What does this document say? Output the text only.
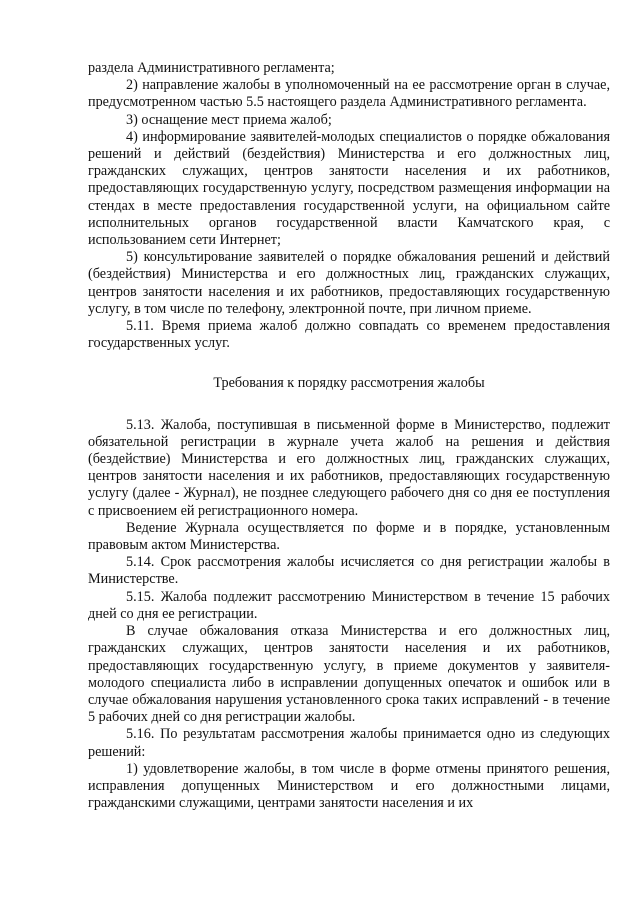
раздела Административного регламента;

2) направление жалобы в уполномоченный на ее рассмотрение орган в случае, предусмотренном частью 5.5 настоящего раздела Административного регламента.

3) оснащение мест приема жалоб;

4) информирование заявителей-молодых специалистов о порядке обжалования решений и действий (бездействия) Министерства и его должностных лиц, гражданских служащих, центров занятости населения и их работников, предоставляющих государственную услугу, посредством размещения информации на стендах в месте предоставления государственной услуги, на официальном сайте исполнительных органов государственной власти Камчатского края, с использованием сети Интернет;

5) консультирование заявителей о порядке обжалования решений и действий (бездействия) Министерства и его должностных лиц, гражданских служащих, центров занятости населения и их работников, предоставляющих государственную услугу, в том числе по телефону, электронной почте, при личном приеме.

5.11. Время приема жалоб должно совпадать со временем предоставления государственных услуг.

Требования к порядку рассмотрения жалобы

5.13. Жалоба, поступившая в письменной форме в Министерство, подлежит обязательной регистрации в журнале учета жалоб на решения и действия (бездействие) Министерства и его должностных лиц, гражданских служащих, центров занятости населения и их работников, предоставляющих государственную услугу (далее - Журнал), не позднее следующего рабочего дня со дня ее поступления с присвоением ей регистрационного номера.

Ведение Журнала осуществляется по форме и в порядке, установленным правовым актом Министерства.

5.14. Срок рассмотрения жалобы исчисляется со дня регистрации жалобы в Министерстве.

5.15. Жалоба подлежит рассмотрению Министерством в течение 15 рабочих дней со дня ее регистрации.

В случае обжалования отказа Министерства и его должностных лиц, гражданских служащих, центров занятости населения и их работников, предоставляющих государственную услугу, в приеме документов у заявителя-молодого специалиста либо в исправлении допущенных опечаток и ошибок или в случае обжалования нарушения установленного срока таких исправлений - в течение 5 рабочих дней со дня регистрации жалобы.

5.16. По результатам рассмотрения жалобы принимается одно из следующих решений:

1) удовлетворение жалобы, в том числе в форме отмены принятого решения, исправления допущенных Министерством и его должностными лицами, гражданскими служащими, центрами занятости населения и их
